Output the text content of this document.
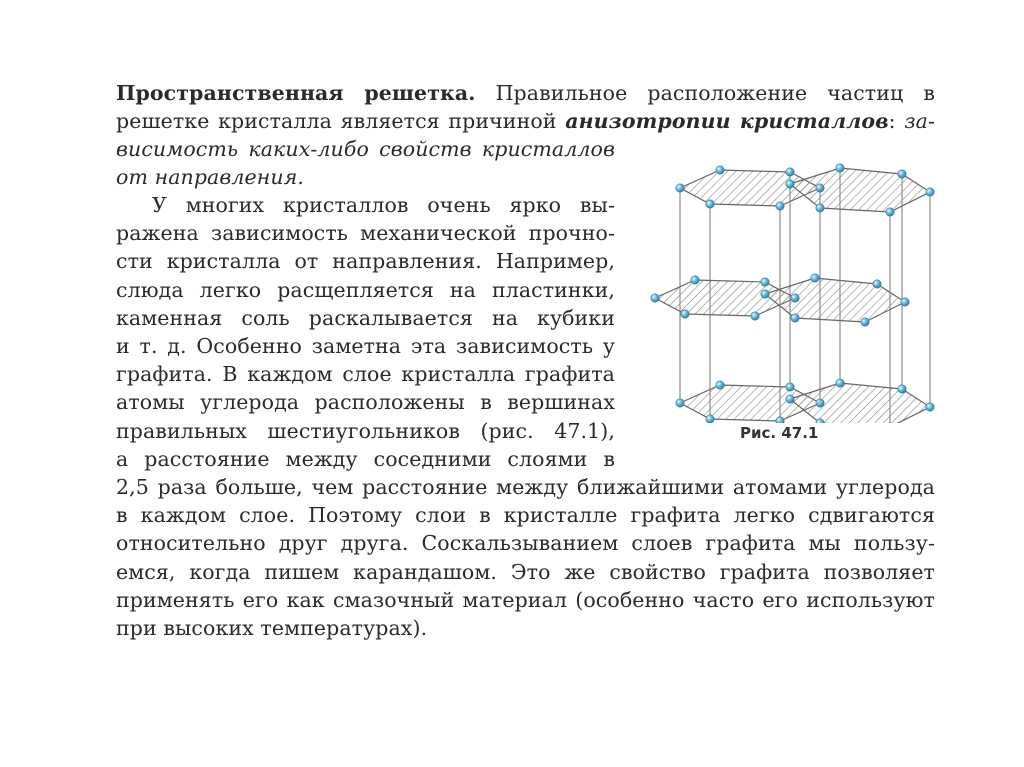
Пространственная решетка. Правильное расположение частиц в
решетке кристалла является причиной анизотропии кристаллов: за-
висимость каких-либо свойств кристаллов
от направления.
У многих кристаллов очень ярко вы-
ражена зависимость механической прочно-
сти кристалла от направления. Например,
слюда легко расщепляется на пластинки,
каменная соль раскалывается на кубики
и т. д. Особенно заметна эта зависимость у
графита. В каждом слое кристалла графита
атомы углерода расположены в вершинах
правильных шестиугольников (рис. 47.1),
а расстояние между соседними слоями в
2,5 раза больше, чем расстояние между ближайшими атомами углерода
в каждом слое. Поэтому слои в кристалле графита легко сдвигаются
относительно друг друга. Соскальзыванием слоев графита мы пользу-
емся, когда пишем карандашом. Это же свойство графита позволяет
применять его как смазочный материал (особенно часто его используют
при высоких температурах).
Рис. 47.1
